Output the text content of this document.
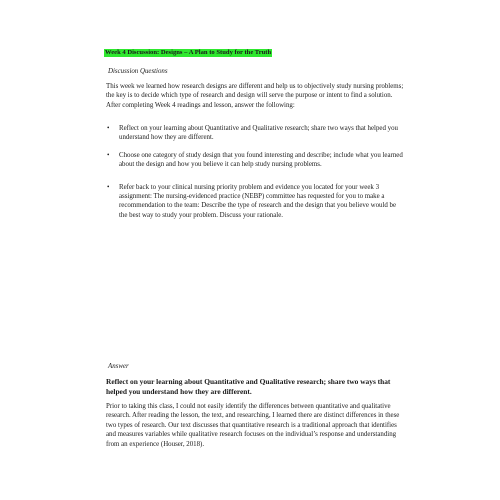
Week 4 Discussion: Designs – A Plan to Study for the Truth
Discussion Questions

This week we learned how research designs are different and help us to objectively study nursing problems; the key is to decide which type of research and design will serve the purpose or intent to find a solution. After completing Week 4 readings and lesson, answer the following:

• Reflect on your learning about Quantitative and Qualitative research; share two ways that helped you understand how they are different.
• Choose one category of study design that you found interesting and describe; include what you learned about the design and how you believe it can help study nursing problems.
• Refer back to your clinical nursing priority problem and evidence you located for your week 3 assignment: The nursing-evidenced practice (NEBP) committee has requested for you to make a recommendation to the team: Describe the type of research and the design that you believe would be the best way to study your problem. Discuss your rationale.
Answer

Reflect on your learning about Quantitative and Qualitative research; share two ways that helped you understand how they are different.

Prior to taking this class, I could not easily identify the differences between quantitative and qualitative research. After reading the lesson, the text, and researching, I learned there are distinct differences in these two types of research. Our text discusses that quantitative research is a traditional approach that identifies and measures variables while qualitative research focuses on the individual’s response and understanding from an experience (Houser, 2018).
